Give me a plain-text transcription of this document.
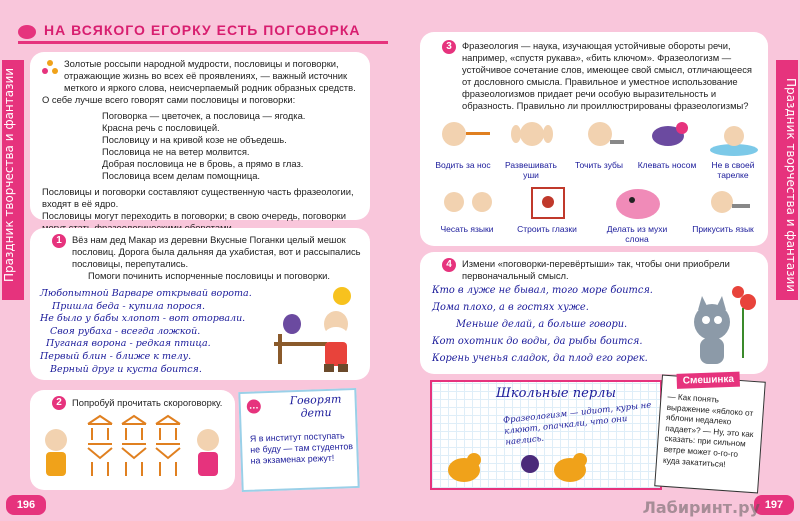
Праздник творчества и фантазии
НА ВСЯКОГО ЕГОРКУ ЕСТЬ ПОГОВОРКА

Золотые россыпи народной мудрости, пословицы и поговорки, отражающие жизнь во всех её проявлениях, — важный источник меткого и яркого слова, неисчерпаемый родник образных средств.

О себе лучше всего говорят сами пословицы и поговорки:

Поговорка — цветочек, а пословица — ягодка.

Красна речь с пословицей.

Пословицу и на кривой козе не объедешь.

Пословица не на ветер молвится.

Добрая пословица не в бровь, а прямо в глаз.

Пословица всем делам помощница.

Пословицы и поговорки составляют существенную часть фразеологии, входят в её ядро.

Пословицы могут переходить в поговорки; в свою очередь, поговорки

1	Вёз нам дед Макар из деревни Вкусные Поганки целый мешок пословиц. Дорога была дальняя да ухабистая, вот и рассыпались пословицы, перепутались.

Помоги починить испорченные пословицы и поговорки.

Любопытной Варваре открывай ворота.

Пришла беда - купила порося.

Не было у бабы хлопот - вот оторвали.

Своя рубаха - всегда ложкой.

Пуганая ворона - редкая птица.

Первый блин - ближе к телу.

Верный друг и куста боится.

2	Попробуй прочитать скороговорку.	…	Говорят дети

Я в институт поступать не буду — там студентов на экзаменах режут!

196
Праздник творчества и фантазии
3	Фразеология — наука, изучающая устойчивые обороты речи, например, «спустя рукава», «бить ключом». Фразеологизм — устойчивое сочетание слов, имеющее свой смысл, отличающееся от дословного смысла. Правильное и уместное использование фразеологизмов придает речи особую выразительность и образность. Правильно ли проиллюстрированы фразеологизмы?

Водить за нос	Развешивать уши
Точить зубы	Клевать носом	Не в своей тарелке
Чесать языки	Строить глазки	Делать из мухи слона
Прикусить язык
4	Измени «поговорки-перевёртыши» так, чтобы они приобрели первоначальный смысл.

Кто в луже не бывал, того море боится.

Дома плохо, а в гостях хуже.

Меньше делай, а больше говори.

Кот охотник до воды, да рыбы боится.

Корень ученья сладок, да плод его горек.

Школьные перлы

Фразеологизм — идиот, куры не клюют, опачкали, что они наелись.

Смешинка

— Как понять выражение «яблоко от яблони недалеко падает»? — Ну, это как сказать: при сильном ветре может о-го-го куда закатиться!

197
Лабиринт.ру
